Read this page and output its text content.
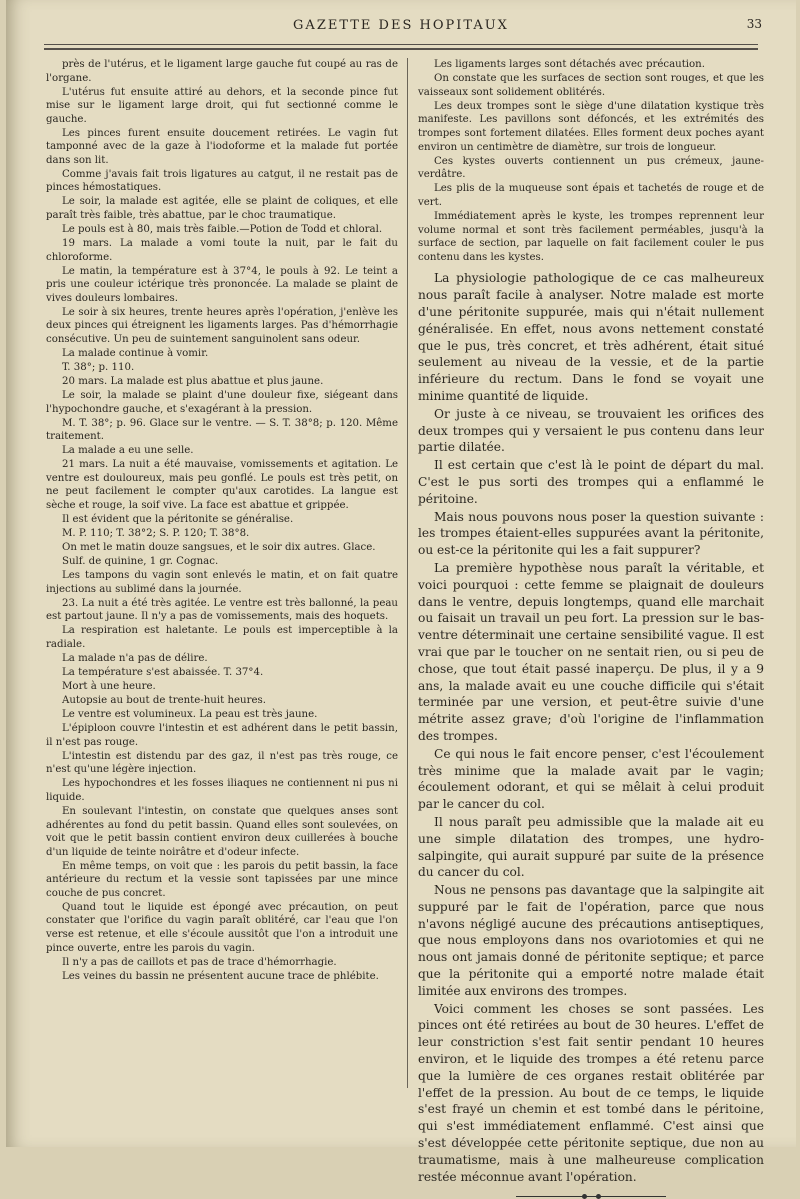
GAZETTE DES HOPITAUX	33

près de l'utérus, et le ligament large gauche fut coupé au ras de l'organe.

L'utérus fut ensuite attiré au dehors, et la seconde pince fut mise sur le ligament large droit, qui fut sectionné comme le gauche.

Les pinces furent ensuite doucement retirées. Le vagin fut tamponné avec de la gaze à l'iodoforme et la malade fut portée dans son lit.

Comme j'avais fait trois ligatures au catgut, il ne restait pas de pinces hémostatiques.

Le soir, la malade est agitée, elle se plaint de coliques, et elle paraît très faible, très abattue, par le choc traumatique.

Le pouls est à 80, mais très faible.—Potion de Todd et chloral.

19 mars. La malade a vomi toute la nuit, par le fait du chloroforme.

Le matin, la température est à 37°4, le pouls à 92. Le teint a pris une couleur ictérique très prononcée. La malade se plaint de vives douleurs lombaires.

Le soir à six heures, trente heures après l'opération, j'enlève les deux pinces qui étreignent les ligaments larges. Pas d'hémorrhagie consécutive. Un peu de suintement sanguinolent sans odeur.

La malade continue à vomir.

T. 38°; p. 110.

20 mars. La malade est plus abattue et plus jaune.

Le soir, la malade se plaint d'une douleur fixe, siégeant dans l'hypochondre gauche, et s'exagérant à la pression.

M. T. 38°; p. 96. Glace sur le ventre. — S. T. 38°8; p. 120. Même traitement.

La malade a eu une selle.

21 mars. La nuit a été mauvaise, vomissements et agitation. Le ventre est douloureux, mais peu gonflé. Le pouls est très petit, on ne peut facilement le compter qu'aux carotides. La langue est sèche et rouge, la soif vive. La face est abattue et grippée.

Il est évident que la péritonite se généralise.

M. P. 110; T. 38°2; S. P. 120; T. 38°8.

On met le matin douze sangsues, et le soir dix autres. Glace.

Sulf. de quinine, 1 gr. Cognac.

Les tampons du vagin sont enlevés le matin, et on fait quatre injections au sublimé dans la journée.

23. La nuit a été très agitée. Le ventre est très ballonné, la peau est partout jaune. Il n'y a pas de vomissements, mais des hoquets.

La respiration est haletante. Le pouls est imperceptible à la radiale.

La malade n'a pas de délire.

La température s'est abaissée. T. 37°4.

Mort à une heure.

Autopsie au bout de trente-huit heures.

Le ventre est volumineux. La peau est très jaune.

L'épiploon couvre l'intestin et est adhérent dans le petit bassin, il n'est pas rouge.

L'intestin est distendu par des gaz, il n'est pas très rouge, ce n'est qu'une légère injection.

Les hypochondres et les fosses iliaques ne contiennent ni pus ni liquide.

En soulevant l'intestin, on constate que quelques anses sont adhérentes au fond du petit bassin. Quand elles sont soulevées, on voit que le petit bassin contient environ deux cuillerées à bouche d'un liquide de teinte noirâtre et d'odeur infecte.

En même temps, on voit que : les parois du petit bassin, la face antérieure du rectum et la vessie sont tapissées par une mince couche de pus concret.

Quand tout le liquide est épongé avec précaution, on peut constater que l'orifice du vagin paraît oblitéré, car l'eau que l'on verse est retenue, et elle s'écoule aussitôt que l'on a introduit une pince ouverte, entre les parois du vagin.

Il n'y a pas de caillots et pas de trace d'hémorrhagie.

Les veines du bassin ne présentent aucune trace de phlébite.

Les ligaments larges sont détachés avec précaution.

On constate que les surfaces de section sont rouges, et que les vaisseaux sont solidement oblitérés.

Les deux trompes sont le siège d'une dilatation kystique très manifeste. Les pavillons sont défoncés, et les extrémités des trompes sont fortement dilatées. Elles forment deux poches ayant environ un centimètre de diamètre, sur trois de longueur.

Ces kystes ouverts contiennent un pus crémeux, jaune-verdâtre.

Les plis de la muqueuse sont épais et tachetés de rouge et de vert.

Immédiatement après le kyste, les trompes reprennent leur volume normal et sont très facilement perméables, jusqu'à la surface de section, par laquelle on fait facilement couler le pus contenu dans les kystes.

La physiologie pathologique de ce cas malheureux nous paraît facile à analyser. Notre malade est morte d'une péritonite suppurée, mais qui n'était nullement généralisée. En effet, nous avons nettement constaté que le pus, très concret, et très adhérent, était situé seulement au niveau de la vessie, et de la partie inférieure du rectum. Dans le fond se voyait une minime quantité de liquide.

Or juste à ce niveau, se trouvaient les orifices des deux trompes qui y versaient le pus contenu dans leur partie dilatée.

Il est certain que c'est là le point de départ du mal. C'est le pus sorti des trompes qui a enflammé le péritoine.

Mais nous pouvons nous poser la question suivante : les trompes étaient-elles suppurées avant la péritonite, ou est-ce la péritonite qui les a fait suppurer?

La première hypothèse nous paraît la véritable, et voici pourquoi : cette femme se plaignait de douleurs dans le ventre, depuis longtemps, quand elle marchait ou faisait un travail un peu fort. La pression sur le bas-ventre déterminait une certaine sensibilité vague. Il est vrai que par le toucher on ne sentait rien, ou si peu de chose, que tout était passé inaperçu. De plus, il y a 9 ans, la malade avait eu une couche difficile qui s'était terminée par une version, et peut-être suivie d'une métrite assez grave; d'où l'origine de l'inflammation des trompes.

Ce qui nous le fait encore penser, c'est l'écoulement très minime que la malade avait par le vagin; écoulement odorant, et qui se mêlait à celui produit par le cancer du col.

Il nous paraît peu admissible que la malade ait eu une simple dilatation des trompes, une hydro-salpingite, qui aurait suppuré par suite de la présence du cancer du col.

Nous ne pensons pas davantage que la salpingite ait suppuré par le fait de l'opération, parce que nous n'avons négligé aucune des précautions antiseptiques, que nous employons dans nos ovariotomies et qui ne nous ont jamais donné de péritonite septique; et parce que la péritonite qui a emporté notre malade était limitée aux environs des trompes.

Voici comment les choses se sont passées. Les pinces ont été retirées au bout de 30 heures. L'effet de leur constriction s'est fait sentir pendant 10 heures environ, et le liquide des trompes a été retenu parce que la lumière de ces organes restait oblitérée par l'effet de la pression. Au bout de ce temps, le liquide s'est frayé un chemin et est tombé dans le péritoine, qui s'est immédiatement enflammé. C'est ainsi que s'est développée cette péritonite septique, due non au traumatisme, mais à une malheureuse complication restée méconnue avant l'opération.
